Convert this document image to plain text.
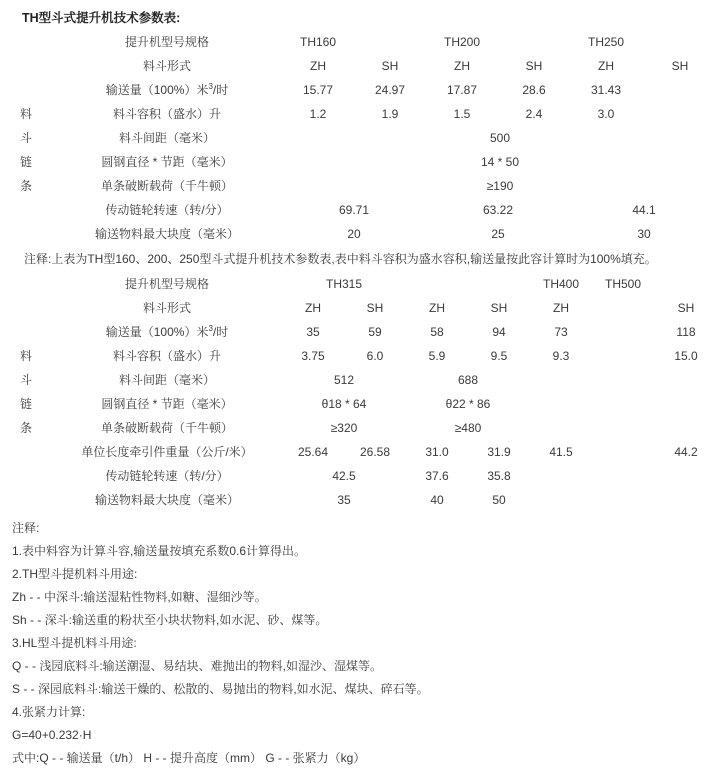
TH型斗式提升机技术参数表:
	提升机型号规格	TH160		TH200		TH250	
	料斗形式	ZH	SH	ZH	SH	ZH	SH
	输送量（100%）米$^3$/时	15.77	24.97	17.87	28.6	31.43	
料	料斗容积（盛水）升	1.2	1.9	1.5	2.4	3.0	
斗	料斗间距（毫米）	500					
链	圆钢直径 * 节距（毫米）	14 * 50					
条	单条破断载荷（千牛顿）	≥190					
	传动链轮转速（转/分）	69.71		63.22		44.1	
	输送物料最大块度（毫米）	20		25		30	
注释:上表为TH型160、200、250型斗式提升机技术参数表,表中料斗容积为盛水容积,输送量按此容计算时为100%填充。
	提升机型号规格	TH315				TH400	TH500	
	料斗形式	ZH	SH	ZH	SH	ZH		SH
	输送量（100%）米$^3$/时	35	59	58	94	73		118
料	料斗容积（盛水）升	3.75	6.0	5.9	9.5	9.3		15.0
斗	料斗间距（毫米）	512		688				
链	圆钢直径 * 节距（毫米）	θ18 * 64		θ22 * 86				
条	单条破断载荷（千牛顿）	≥320		≥480				
	单位长度牵引件重量（公斤/米）	25.64	26.58	31.0	31.9	41.5		44.2
	传动链轮转速（转/分）	42.5		37.6	35.8			
	输送物料最大块度（毫米）	35		40	50			
注释:
1.表中料容为计算斗容,输送量按填充系数0.6计算得出。
2.TH型斗提机料斗用途:
Zh - - 中深斗:输送湿粘性物料,如糖、湿细沙等。
Sh - - 深斗:输送重的粉状至小块状物料,如水泥、砂、煤等。
3.HL型斗提机料斗用途:
Q - - 浅园底料斗:输送潮湿、易结块、难抛出的物料,如湿沙、湿煤等。
S - - 深园底料斗:输送干燥的、松散的、易抛出的物料,如水泥、煤块、碎石等。
4.张紧力计算:
G=40+0.232·H
式中:Q - - 输送量（t/h） H - - 提升高度（mm） G - - 张紧力（kg）
